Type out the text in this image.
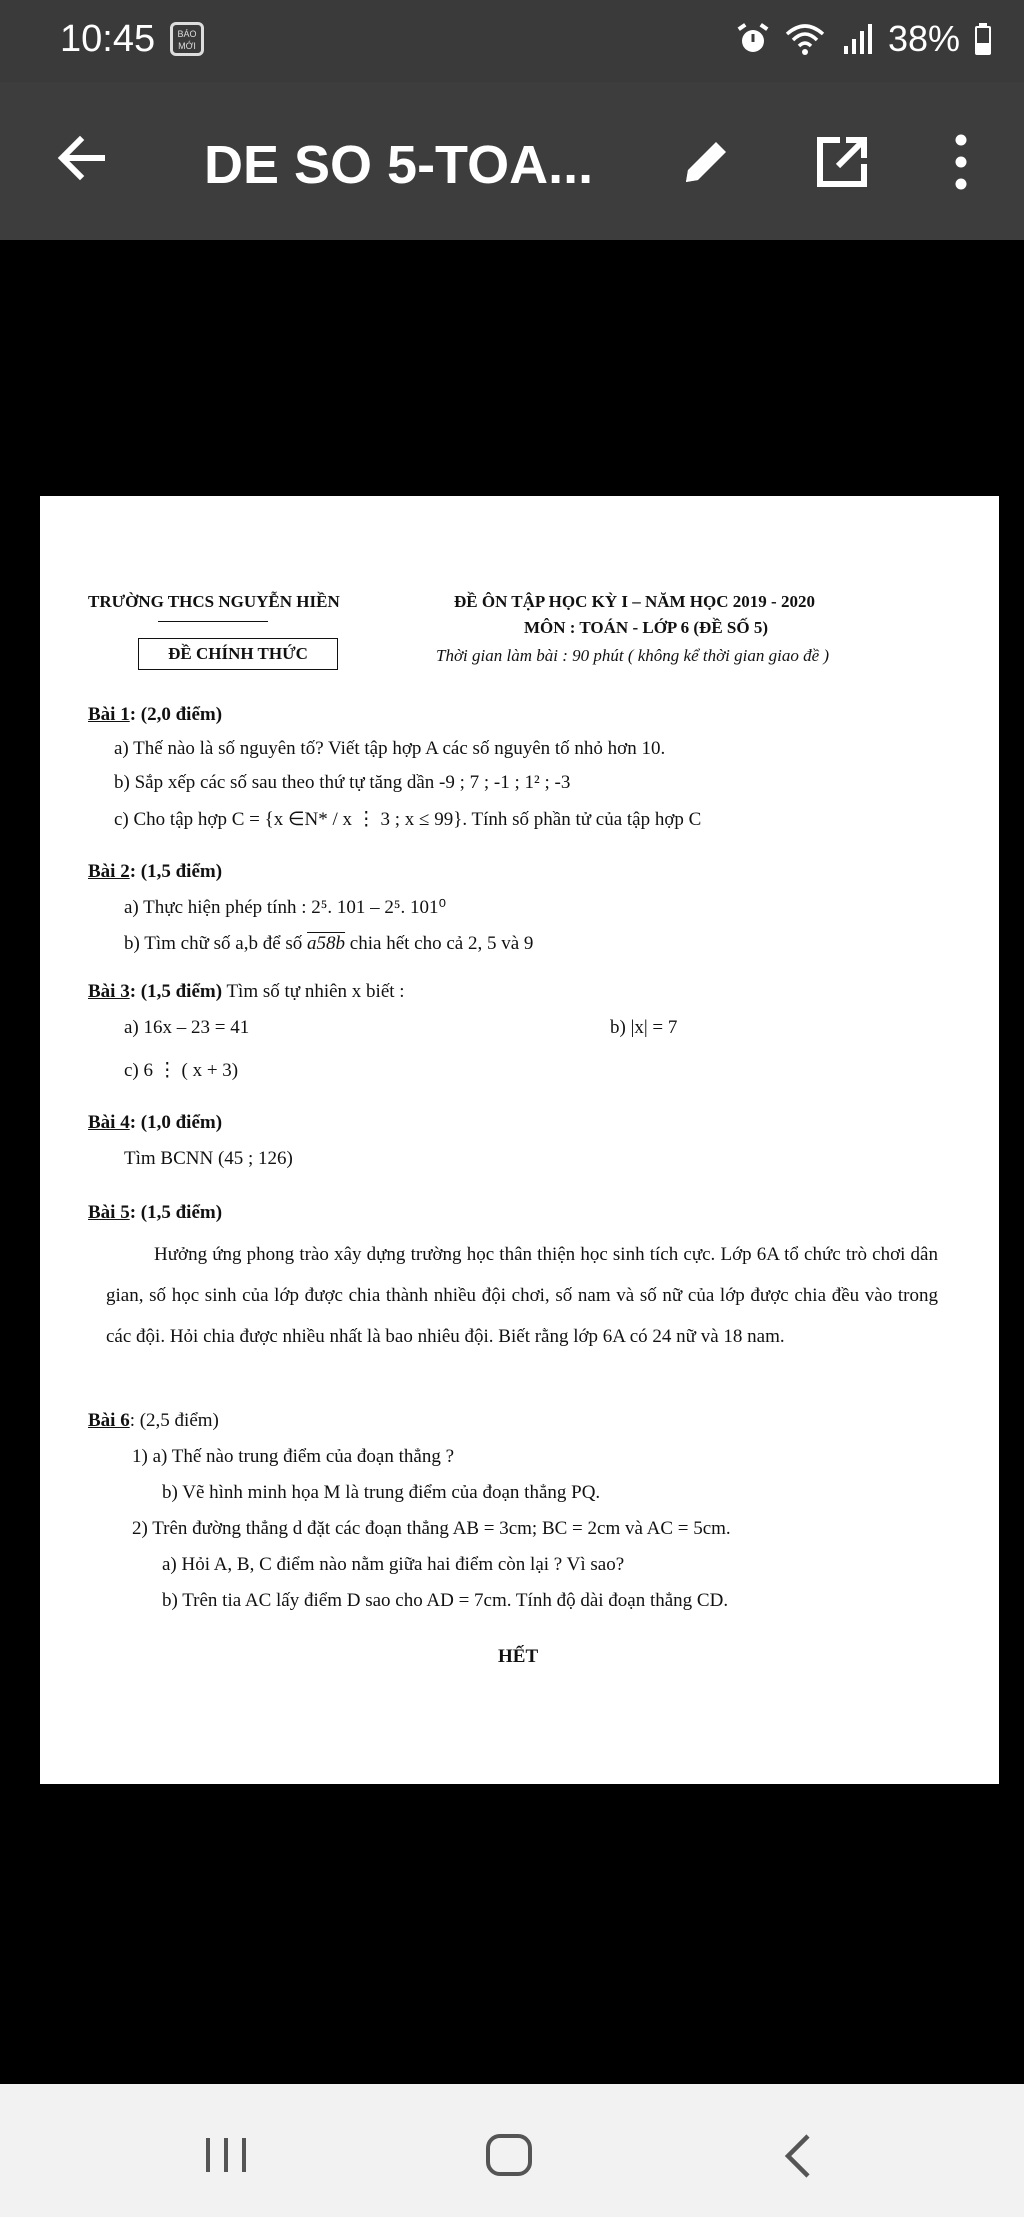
10:45	BÁO MỚI	38%
DE SO 5-TOA...
TRƯỜNG THCS NGUYỄN HIỀN
ĐỀ CHÍNH THỨC
ĐỀ ÔN TẬP HỌC KỲ I – NĂM HỌC 2019 - 2020
MÔN : TOÁN - LỚP 6 (ĐỀ SỐ 5)
Thời gian làm bài : 90 phút ( không kể thời gian giao đề )
Bài 1: (2,0 điểm)
a) Thế nào là số nguyên tố? Viết tập hợp A các số nguyên tố nhỏ hơn 10.
b) Sắp xếp các số sau theo thứ tự tăng dần -9 ; 7 ; -1 ; 1² ; -3
c) Cho tập hợp C = {x ∈N* / x ⋮ 3 ; x ≤ 99}. Tính số phần tử của tập hợp C
Bài 2: (1,5 điểm)
a) Thực hiện phép tính : 2⁵. 101 – 2⁵. 101⁰
b) Tìm chữ số a,b để số a58b chia hết cho cả 2, 5 và 9
Bài 3: (1,5 điểm) Tìm số tự nhiên x biết :
a) 16x – 23 = 41	b) |x| = 7
c) 6 ⋮ ( x + 3)
Bài 4: (1,0 điểm)
Tìm BCNN (45 ; 126)
Bài 5: (1,5 điểm)
Hưởng ứng phong trào xây dựng trường học thân thiện học sinh tích cực. Lớp 6A tổ chức trò chơi dân gian, số học sinh của lớp được chia thành nhiều đội chơi, số nam và số nữ của lớp được chia đều vào trong các đội. Hỏi chia được nhiều nhất là bao nhiêu đội. Biết rằng lớp 6A có 24 nữ và 18 nam.
Bài 6: (2,5 điểm)
1) a) Thế nào trung điểm của đoạn thẳng ?
b) Vẽ hình minh họa M là trung điểm của đoạn thẳng PQ.
2) Trên đường thẳng d đặt các đoạn thẳng AB = 3cm; BC = 2cm và AC = 5cm.
a) Hỏi A, B, C điểm nào nằm giữa hai điểm còn lại ? Vì sao?
b) Trên tia AC lấy điểm D sao cho AD = 7cm. Tính độ dài đoạn thẳng CD.
HẾT
